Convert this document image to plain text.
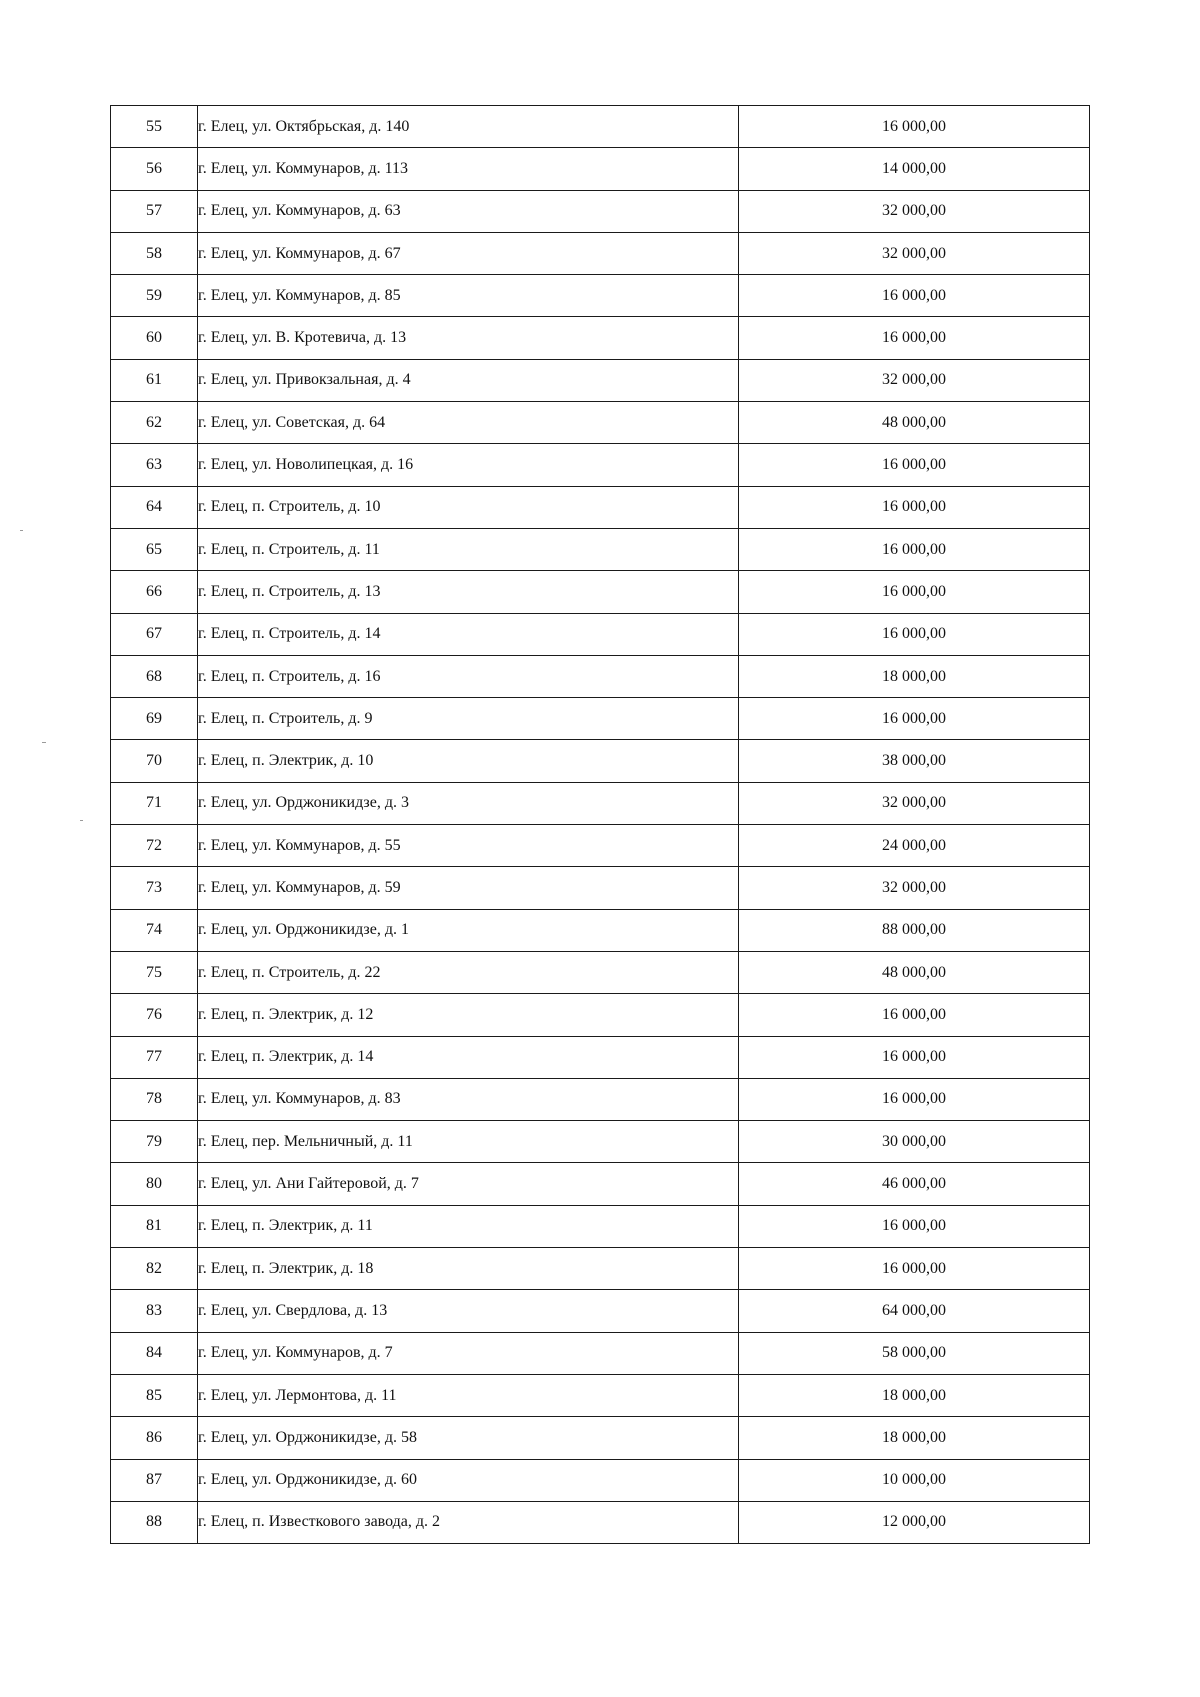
55	г. Елец, ул. Октябрьская, д. 140	16 000,00
56	г. Елец, ул. Коммунаров, д. 113	14 000,00
57	г. Елец, ул. Коммунаров, д. 63	32 000,00
58	г. Елец, ул. Коммунаров, д. 67	32 000,00
59	г. Елец, ул. Коммунаров, д. 85	16 000,00
60	г. Елец, ул. В. Кротевича, д. 13	16 000,00
61	г. Елец, ул. Привокзальная, д. 4	32 000,00
62	г. Елец, ул. Советская, д. 64	48 000,00
63	г. Елец, ул. Новолипецкая, д. 16	16 000,00
64	г. Елец, п. Строитель, д. 10	16 000,00
65	г. Елец, п. Строитель, д. 11	16 000,00
66	г. Елец, п. Строитель, д. 13	16 000,00
67	г. Елец, п. Строитель, д. 14	16 000,00
68	г. Елец, п. Строитель, д. 16	18 000,00
69	г. Елец, п. Строитель, д. 9	16 000,00
70	г. Елец, п. Электрик, д. 10	38 000,00
71	г. Елец, ул. Орджоникидзе, д. 3	32 000,00
72	г. Елец, ул. Коммунаров, д. 55	24 000,00
73	г. Елец, ул. Коммунаров, д. 59	32 000,00
74	г. Елец, ул. Орджоникидзе, д. 1	88 000,00
75	г. Елец, п. Строитель, д. 22	48 000,00
76	г. Елец, п. Электрик, д. 12	16 000,00
77	г. Елец, п. Электрик, д. 14	16 000,00
78	г. Елец, ул. Коммунаров, д. 83	16 000,00
79	г. Елец, пер. Мельничный, д. 11	30 000,00
80	г. Елец, ул. Ани Гайтеровой, д. 7	46 000,00
81	г. Елец, п. Электрик, д. 11	16 000,00
82	г. Елец, п. Электрик, д. 18	16 000,00
83	г. Елец, ул. Свердлова, д. 13	64 000,00
84	г. Елец, ул. Коммунаров, д. 7	58 000,00
85	г. Елец, ул. Лермонтова, д. 11	18 000,00
86	г. Елец, ул. Орджоникидзе, д. 58	18 000,00
87	г. Елец, ул. Орджоникидзе, д. 60	10 000,00
88	г. Елец, п. Известкового завода, д. 2	12 000,00
